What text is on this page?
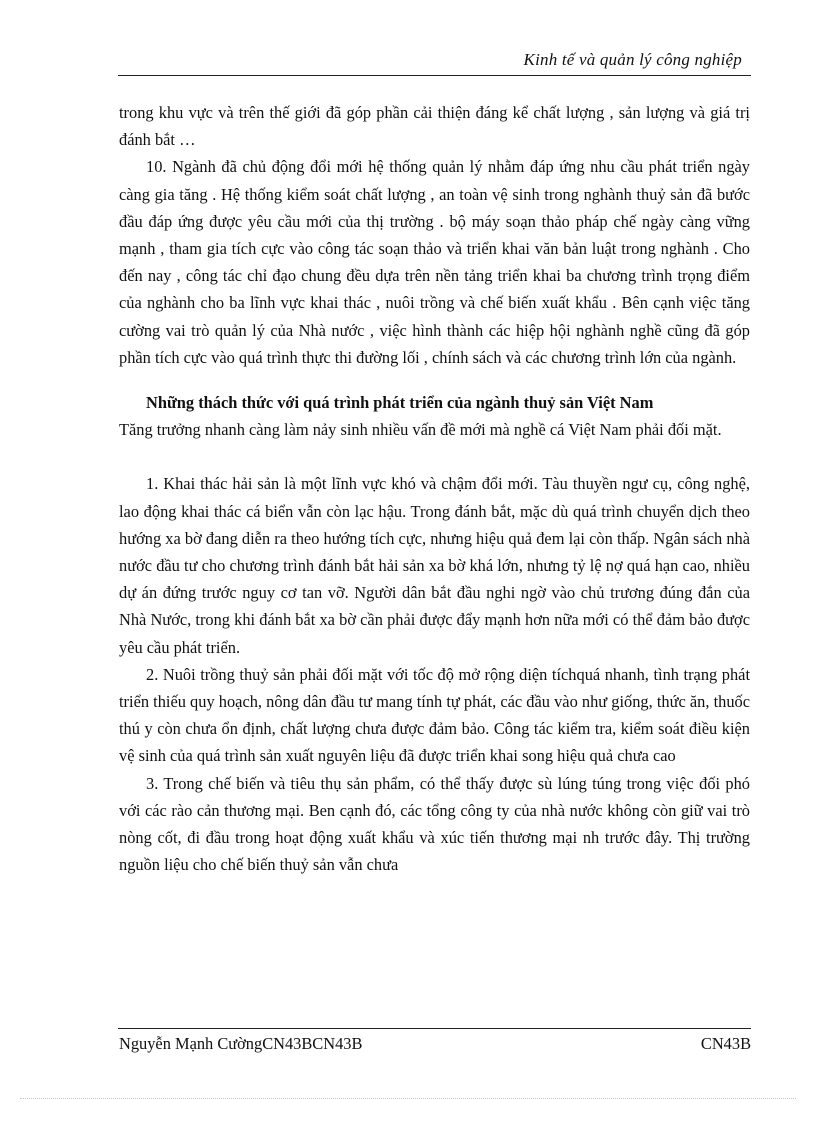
Kinh tế và quản lý công nghiệp

trong khu vực và trên thế giới đã góp phần cải thiện đáng kể chất lượng , sản lượng và giá trị đánh bắt …

10. Ngành đã chủ động đổi mới hệ thống quản lý nhằm đáp ứng nhu cầu phát triển ngày càng gia tăng . Hệ thống kiểm soát chất lượng , an toàn vệ sinh trong nghành thuỷ sản đã bước đầu đáp ứng được yêu cầu mới của thị trường . bộ máy soạn thảo pháp chế ngày càng vững mạnh , tham gia tích cực vào công tác soạn thảo và triển khai văn bản luật trong nghành . Cho đến nay , công tác chỉ đạo chung đều dựa trên nền tảng triển khai ba chương trình trọng điểm của nghành cho ba lĩnh vực khai thác , nuôi trồng và chế biến xuất khẩu . Bên cạnh việc tăng cường vai trò quản lý của Nhà nước , việc hình thành các hiệp hội nghành nghề cũng đã góp phần tích cực vào quá trình thực thi đường lối , chính sách và các chương trình lớn của ngành.

Những thách thức với quá trình phát triển của ngành thuỷ sản Việt Nam

Tăng trưởng nhanh càng làm nảy sinh nhiều vấn đề mới mà nghề cá Việt Nam phải đối mặt.

1. Khai thác hải sản là một lĩnh vực khó và chậm đổi mới. Tàu thuyền ngư cụ, công nghệ, lao động khai thác cá biển vẫn còn lạc hậu. Trong đánh bắt, mặc dù quá trình chuyển dịch theo hướng xa bờ đang diễn ra theo hướng tích cực, nhưng hiệu quả đem lại còn thấp. Ngân sách nhà nước đầu tư cho chương trình đánh bắt hải sản xa bờ khá lớn, nhưng tỷ lệ nợ quá hạn cao, nhiều dự án đứng trước nguy cơ tan vỡ. Người dân bắt đầu nghi ngờ vào chủ trương đúng đắn của Nhà Nước, trong khi đánh bắt xa bờ cần phải được đẩy mạnh hơn nữa mới có thể đảm bảo được yêu cầu phát triển.

2. Nuôi trồng thuỷ sản phải đối mặt với tốc độ mở rộng diện tíchquá nhanh, tình trạng phát triển thiếu quy hoạch, nông dân đầu tư mang tính tự phát, các đầu vào như giống, thức ăn, thuốc thú y còn chưa ổn định, chất lượng chưa được đảm bảo. Công tác kiểm tra, kiểm soát điều kiện vệ sinh của quá trình sản xuất nguyên liệu đã được triển khai song hiệu quả chưa cao

3. Trong chế biến và tiêu thụ sản phẩm, có thể thấy được sù lúng túng trong việc đối phó với các rào cản thương mại. Ben cạnh đó, các tổng công ty của nhà nước không còn giữ vai trò nòng cốt, đi đầu trong hoạt động xuất khẩu và xúc tiến thương mại nh trước đây. Thị trường nguồn liệu cho chế biến thuỷ sản vẫn chưa

Nguyễn Mạnh CườngCN43BCN43B	CN43B
